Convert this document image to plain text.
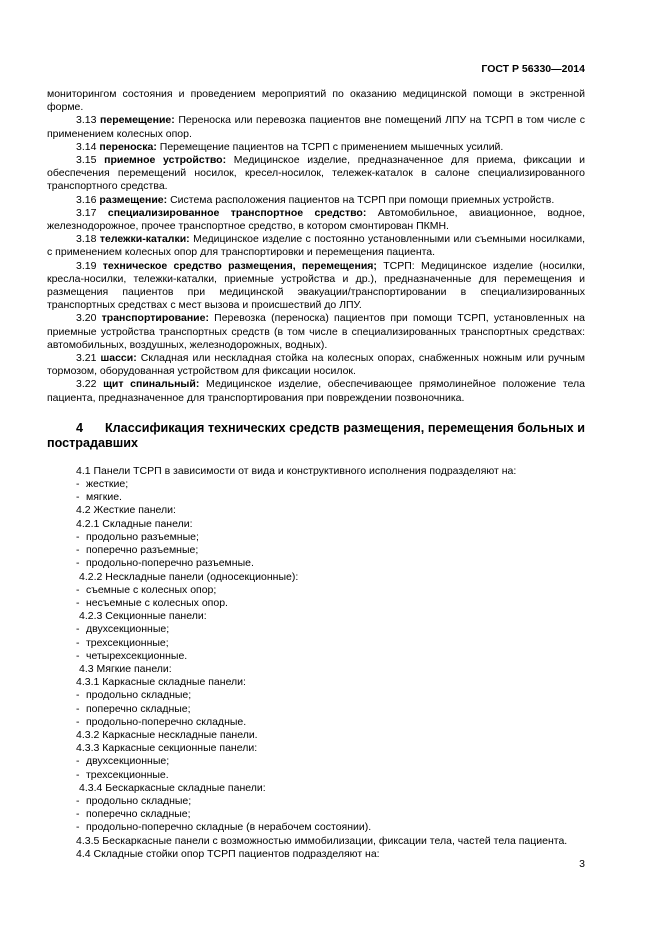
ГОСТ Р 56330—2014

мониторингом состояния и проведением мероприятий по оказанию медицинской помощи в экстренной форме.

3.13 перемещение: Переноска или перевозка пациентов вне помещений ЛПУ на ТСРП в том числе с применением колесных опор.

3.14 переноска: Перемещение пациентов на ТСРП с применением мышечных усилий.

3.15 приемное устройство: Медицинское изделие, предназначенное для приема, фиксации и обеспечения перемещений носилок, кресел-носилок, тележек-каталок в салоне специализированного транспортного средства.

3.16 размещение: Система расположения пациентов на ТСРП при помощи приемных устройств.

3.17 специализированное транспортное средство: Автомобильное, авиационное, водное, железнодорожное, прочее транспортное средство, в котором смонтирован ПКМН.

3.18 тележки-каталки: Медицинское изделие с постоянно установленными или съемными носилками, с применением колесных опор для транспортировки и перемещения пациента.

3.19 техническое средство размещения, перемещения; ТСРП: Медицинское изделие (носилки, кресла-носилки, тележки-каталки, приемные устройства и др.), предназначенные для перемещения и размещения пациентов при медицинской эвакуации/транспортировании в специализированных транспортных средствах с мест вызова и происшествий до ЛПУ.

3.20 транспортирование: Перевозка (переноска) пациентов при помощи ТСРП, установленных на приемные устройства транспортных средств (в том числе в специализированных транспортных средствах: автомобильных, воздушных, железнодорожных, водных).

3.21 шасси: Складная или нескладная стойка на колесных опорах, снабженных ножным или ручным тормозом, оборудованная устройством для фиксации носилок.

3.22 щит спинальный: Медицинское изделие, обеспечивающее прямолинейное положение тела пациента, предназначенное для транспортирования при повреждении позвоночника.

4 Классификация технических средств размещения, перемещения больных и пострадавших
4.1 Панели ТСРП в зависимости от вида и конструктивного исполнения подразделяют на:
- жесткие;
- мягкие.
4.2 Жесткие панели:
4.2.1 Складные панели:
- продольно разъемные;
- поперечно разъемные;
- продольно-поперечно разъемные.
4.2.2 Нескладные панели (односекционные):
- съемные с колесных опор;
- несъемные с колесных опор.
4.2.3 Секционные панели:
- двухсекционные;
- трехсекционные;
- четырехсекционные.
4.3 Мягкие панели:
4.3.1 Каркасные складные панели:
- продольно складные;
- поперечно складные;
- продольно-поперечно складные.
4.3.2 Каркасные нескладные панели.
4.3.3 Каркасные секционные панели:
- двухсекционные;
- трехсекционные.
4.3.4 Бескаркасные складные панели:
- продольно складные;
- поперечно складные;
- продольно-поперечно складные (в нерабочем состоянии).
4.3.5 Бескаркасные панели с возможностью иммобилизации, фиксации тела, частей тела пациента.
4.4 Складные стойки опор ТСРП пациентов подразделяют на:
3
